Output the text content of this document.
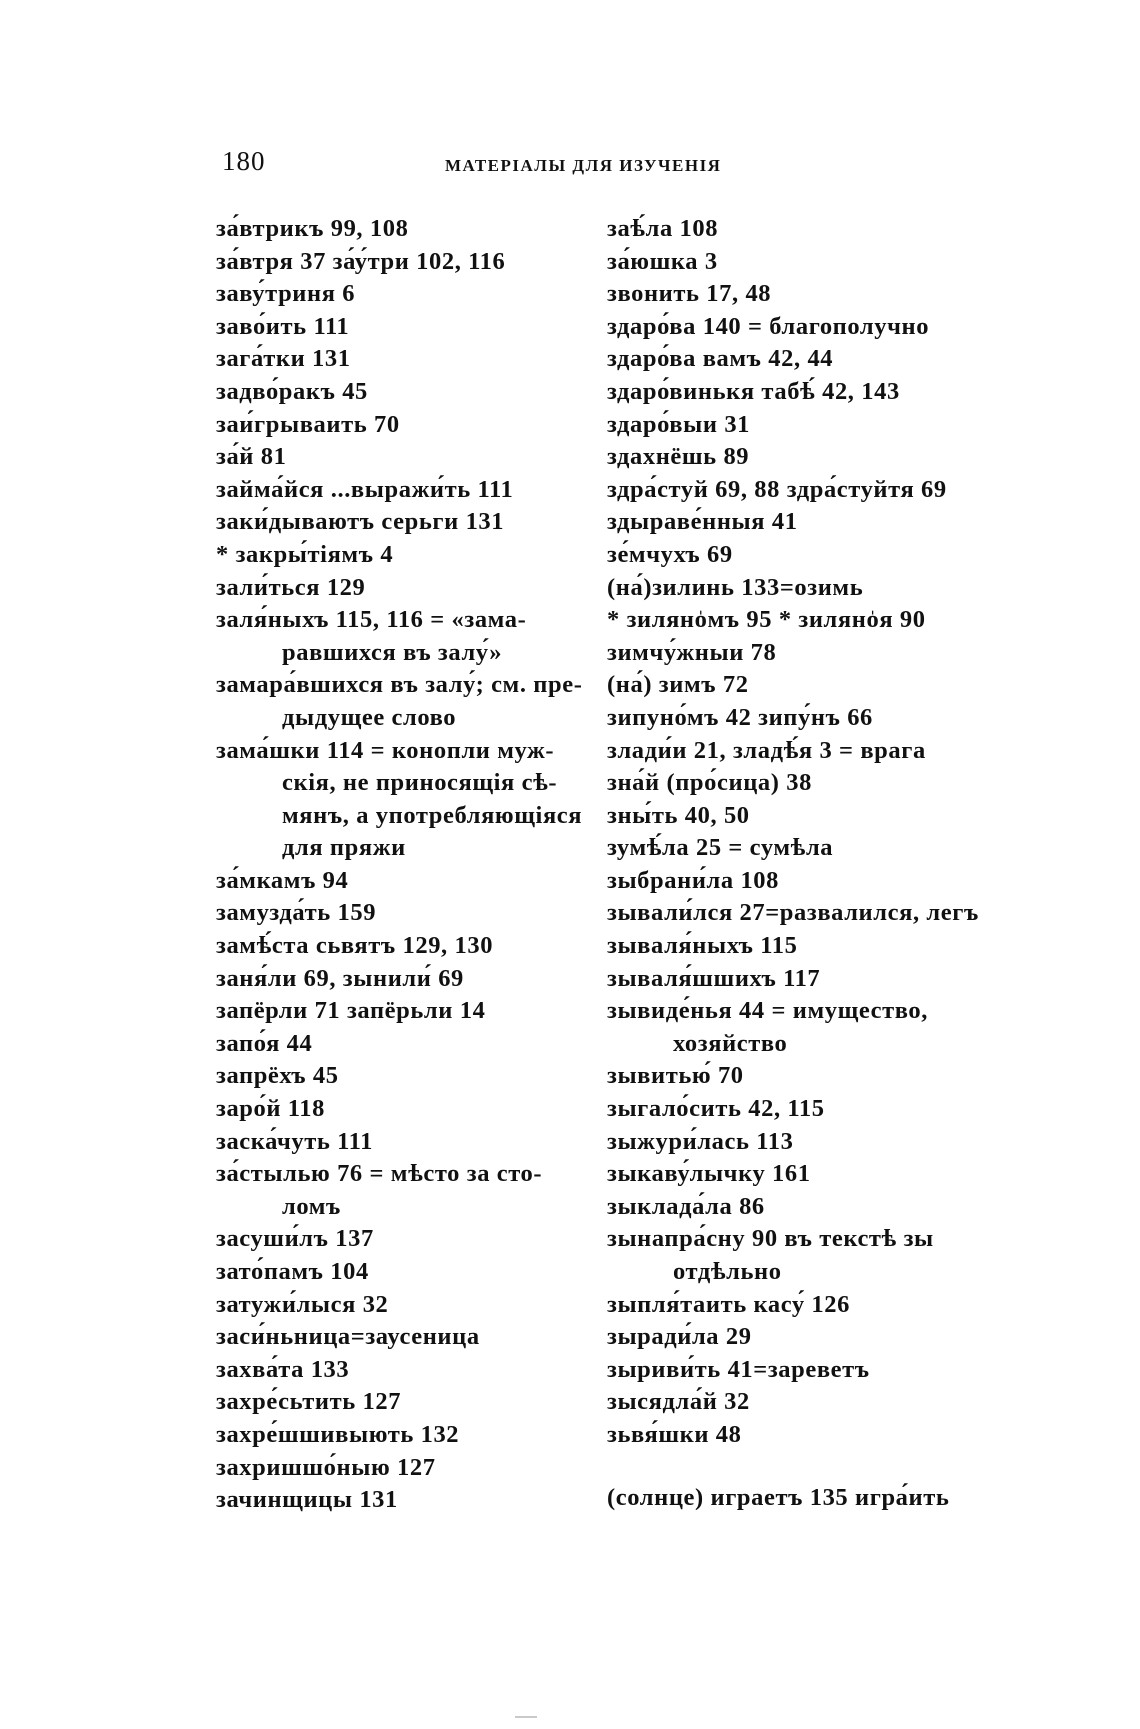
180	МАТЕРІАЛЫ ДЛЯ ИЗУЧЕНІЯ
за́втрикъ 99, 108
за́втря 37 за́у́три 102, 116
заву́триня 6
заво́ить 111
зага́тки 131
задво́ракъ 45
заи́грываить 70
за́й 81
займа́йся ...выражи́ть 111
заки́дываютъ серьги 131
* закры́тіямъ 4
зали́ться 129
заля́ныхъ 115, 116 = «зама-
равшихся въ залу́»
замара́вшихся въ залу́; см. пре-
дыдущее слово
зама́шки 114 = конопли муж-
скія, не приносящія сѣ-
мянъ, а употребляющіяся
для пряжи
за́мкамъ 94
замузда́ть 159
замѣ́ста сьвятъ 129, 130
заня́ли 69, зынили́ 69
запёрли 71 запёрьли 14
запо́я 44
запрёхъ 45
заро́й 118
заска́чуть 111
за́стылью 76 = мѣсто за сто-
ломъ
засуши́лъ 137
зато́памъ 104
затужи́лыся 32
заси́ньница=заусеница
захва́та 133
захре́сьтить 127
захре́шшивыють 132
захришшо́ныю 127
зачинщицы 131
заѣ́ла 108
за́юшка 3
звонить 17, 48
здаро́ва 140 = благополучно
здаро́ва вамъ 42, 44
здаро́винькя табѣ́ 42, 143
здаро́выи 31
здахнёшь 89
здра́стуй 69, 88 здра́стуйтя 69
здыраве́нныя 41
зе́мчухъ 69
(на́)зилинь 133=озимь
* зилянo̍мъ 95 * зилянo̍я 90
зимчу́жныи 78
(на́) зимъ 72
зипуно́мъ 42 зипу́нъ 66
злади́и 21, зладѣ́я 3 = врага
зна́й (про́сица) 38
зны́ть 40, 50
зумѣ́ла 25 = сумѣла
зыбрани́ла 108
зывали́лся 27=развалился, легъ
зываля́ныхъ 115
зываля́шшихъ 117
зывиде́нья 44 = имущество,
хозяйство
зывитью́ 70
зыгало́сить 42, 115
зыжури́лась 113
зыкаву́лычку 161
зыклада́ла 86
зынапра́сну 90 въ текстѣ зы
отдѣльно
зыпля́таить касу́ 126
зыради́ла 29
зыриви́ть 41=зареветъ
зысядла́й 32
зьвя́шки 48
(солнце) играетъ 135 игра́ить
